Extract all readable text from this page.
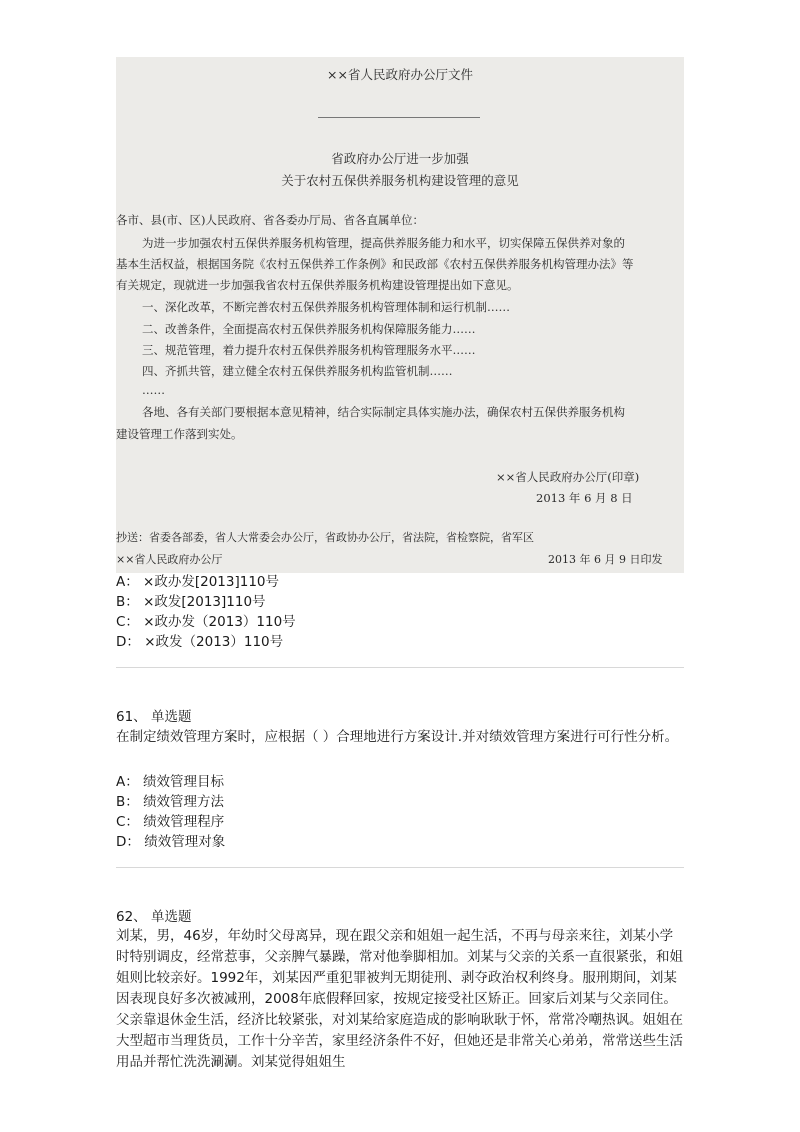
××省人民政府办公厅文件
省政府办公厅进一步加强
关于农村五保供养服务机构建设管理的意见
各市、县(市、区)人民政府、省各委办厅局、省各直属单位：
为进一步加强农村五保供养服务机构管理，提高供养服务能力和水平，切实保障五保供养对象的
基本生活权益，根据国务院《农村五保供养工作条例》和民政部《农村五保供养服务机构管理办法》等
有关规定，现就进一步加强我省农村五保供养服务机构建设管理提出如下意见。
一、深化改革，不断完善农村五保供养服务机构管理体制和运行机制……
二、改善条件，全面提高农村五保供养服务机构保障服务能力……
三、规范管理，着力提升农村五保供养服务机构管理服务水平……
四、齐抓共管，建立健全农村五保供养服务机构监管机制……
……
各地、各有关部门要根据本意见精神，结合实际制定具体实施办法，确保农村五保供养服务机构
建设管理工作落到实处。
××省人民政府办公厅(印章)
2013 年 6 月 8 日
抄送：省委各部委，省人大常委会办公厅，省政协办公厅，省法院，省检察院，省军区
××省人民政府办公厅	2013 年 6 月 9 日印发
A： ×政办发[2013]110号
B： ×政发[2013]110号
C： ×政办发（2013）110号
D： ×政发（2013）110号
61、 单选题
在制定绩效管理方案时，应根据（ ）合理地进行方案设计.并对绩效管理方案进行可行性分析。
A： 绩效管理目标
B： 绩效管理方法
C： 绩效管理程序
D： 绩效管理对象
62、 单选题
刘某，男，46岁，年幼时父母离异，现在跟父亲和姐姐一起生活，不再与母亲来往，刘某小学时特别调皮，经常惹事，父亲脾气暴躁，常对他拳脚相加。刘某与父亲的关系一直很紧张，和姐姐则比较亲好。1992年，刘某因严重犯罪被判无期徒刑、剥夺政治权利终身。服刑期间，刘某因表现良好多次被减刑，2008年底假释回家，按规定接受社区矫正。回家后刘某与父亲同住。父亲靠退休金生活，经济比较紧张，对刘某给家庭造成的影响耿耿于怀，常常冷嘲热讽。姐姐在大型超市当理货员，工作十分辛苦，家里经济条件不好，但她还是非常关心弟弟，常常送些生活用品并帮忙洗洗涮涮。刘某觉得姐姐生
